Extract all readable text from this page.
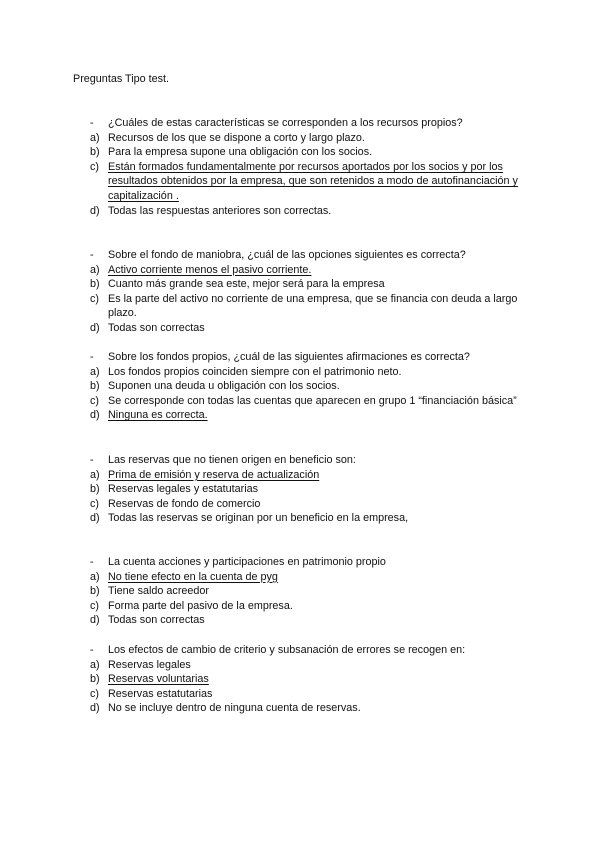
Preguntas Tipo test.
-	¿Cuáles de estas características se corresponden a los recursos propios?
a) Recursos de los que se dispone a corto y largo plazo.
b) Para la empresa supone una obligación con los socios.
c) Están formados fundamentalmente por recursos aportados por los socios y por los resultados obtenidos por la empresa, que son retenidos a modo de autofinanciación y capitalización .
d) Todas las respuestas anteriores son correctas.
-	Sobre el fondo de maniobra, ¿cuál de las opciones siguientes es correcta?
a) Activo corriente menos el pasivo corriente.
b) Cuanto más grande sea este, mejor será para la empresa
c) Es la parte del activo no corriente de una empresa, que se financia con deuda a largo plazo.
d) Todas son correctas
-	Sobre los fondos propios, ¿cuál de las siguientes afirmaciones es correcta?
a) Los fondos propios coinciden siempre con el patrimonio neto.
b) Suponen una deuda u obligación con los socios.
c) Se corresponde con todas las cuentas que aparecen en grupo 1 “financiación básica”
d) Ninguna es correcta.
-	Las reservas que no tienen origen en beneficio son:
a) Prima de emisión y reserva de actualización
b) Reservas legales y estatutarias
c) Reservas de fondo de comercio
d) Todas las reservas se originan por un beneficio en la empresa,
-	La cuenta acciones y participaciones en patrimonio propio
a) No tiene efecto en la cuenta de pyg
b) Tiene saldo acreedor
c) Forma parte del pasivo de la empresa.
d) Todas son correctas
-	Los efectos de cambio de criterio y subsanación de errores se recogen en:
a) Reservas legales
b) Reservas voluntarias
c) Reservas estatutarias
d) No se incluye dentro de ninguna cuenta de reservas.
